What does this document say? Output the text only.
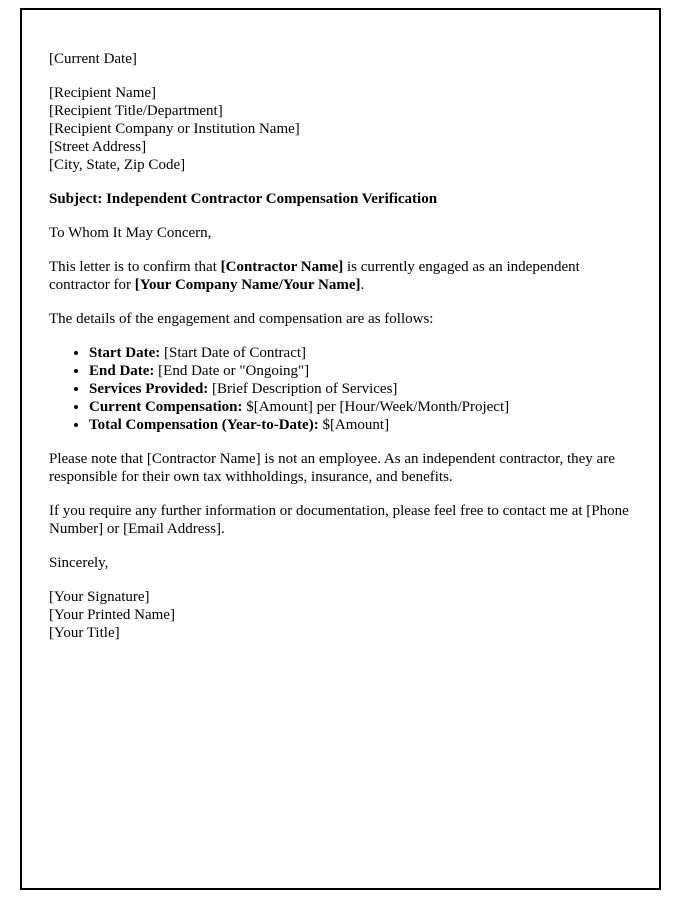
[Current Date]

[Recipient Name]

[Recipient Title/Department]

[Recipient Company or Institution Name]

[Street Address]

[City, State, Zip Code]

Subject: Independent Contractor Compensation Verification

To Whom It May Concern,

This letter is to confirm that [Contractor Name] is currently engaged as an independent contractor for [Your Company Name/Your Name].

The details of the engagement and compensation are as follows:

• Start Date: [Start Date of Contract]
• End Date: [End Date or "Ongoing"]
• Services Provided: [Brief Description of Services]
• Current Compensation: $[Amount] per [Hour/Week/Month/Project]
• Total Compensation (Year-to-Date): $[Amount]

Please note that [Contractor Name] is not an employee. As an independent contractor, they are responsible for their own tax withholdings, insurance, and benefits.

If you require any further information or documentation, please feel free to contact me at [Phone Number] or [Email Address].

Sincerely,

[Your Signature]

[Your Printed Name]

[Your Title]
